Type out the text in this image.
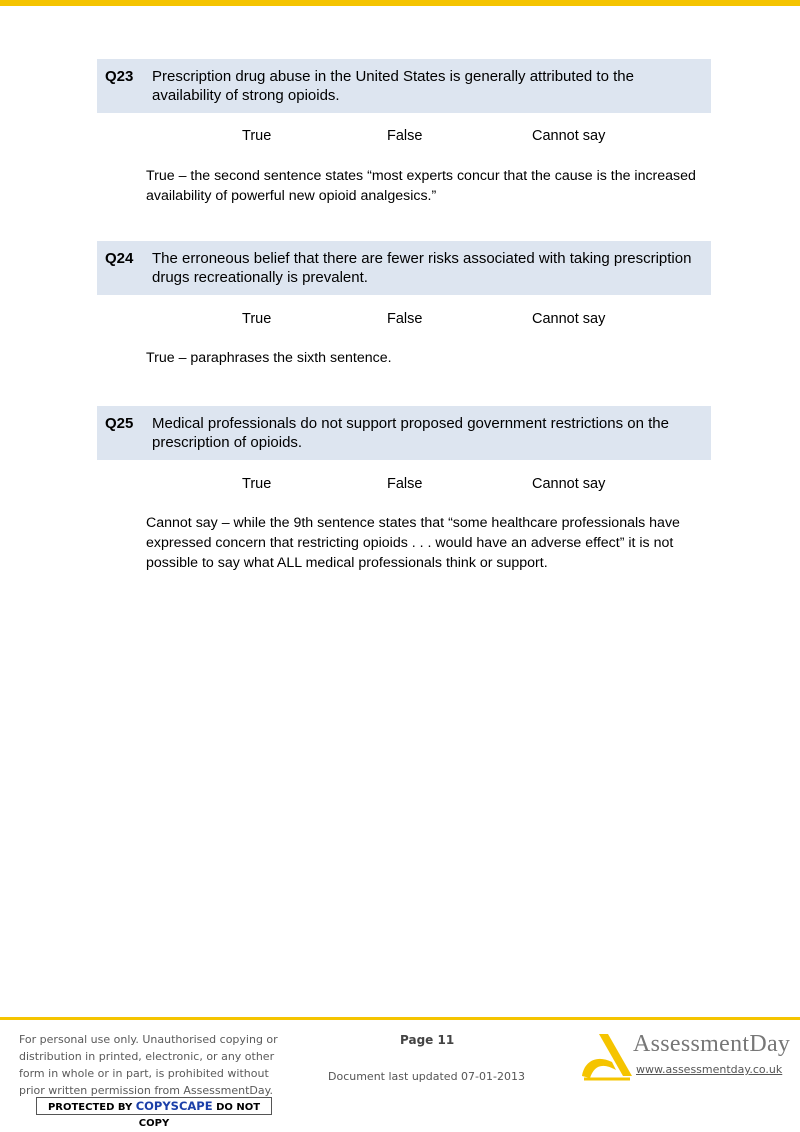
Q23	Prescription drug abuse in the United States is generally attributed to the availability of strong opioids.
True	False	Cannot say
True – the second sentence states “most experts concur that the cause is the increased availability of powerful new opioid analgesics.”
Q24	The erroneous belief that there are fewer risks associated with taking prescription drugs recreationally is prevalent.
True	False	Cannot say
True – paraphrases the sixth sentence.
Q25	Medical professionals do not support proposed government restrictions on the prescription of opioids.
True	False	Cannot say
Cannot say – while the 9th sentence states that “some healthcare professionals have expressed concern that restricting opioids . . . would have an adverse effect” it is not possible to say what ALL medical professionals think or support.
For personal use only. Unauthorised copying or distribution in printed, electronic, or any other form in whole or in part, is prohibited without prior written permission from AssessmentDay.
PROTECTED BY COPYSCAPE DO NOT COPY
Page 11
Document last updated 07-01-2013
AssessmentDay
www.assessmentday.co.uk
